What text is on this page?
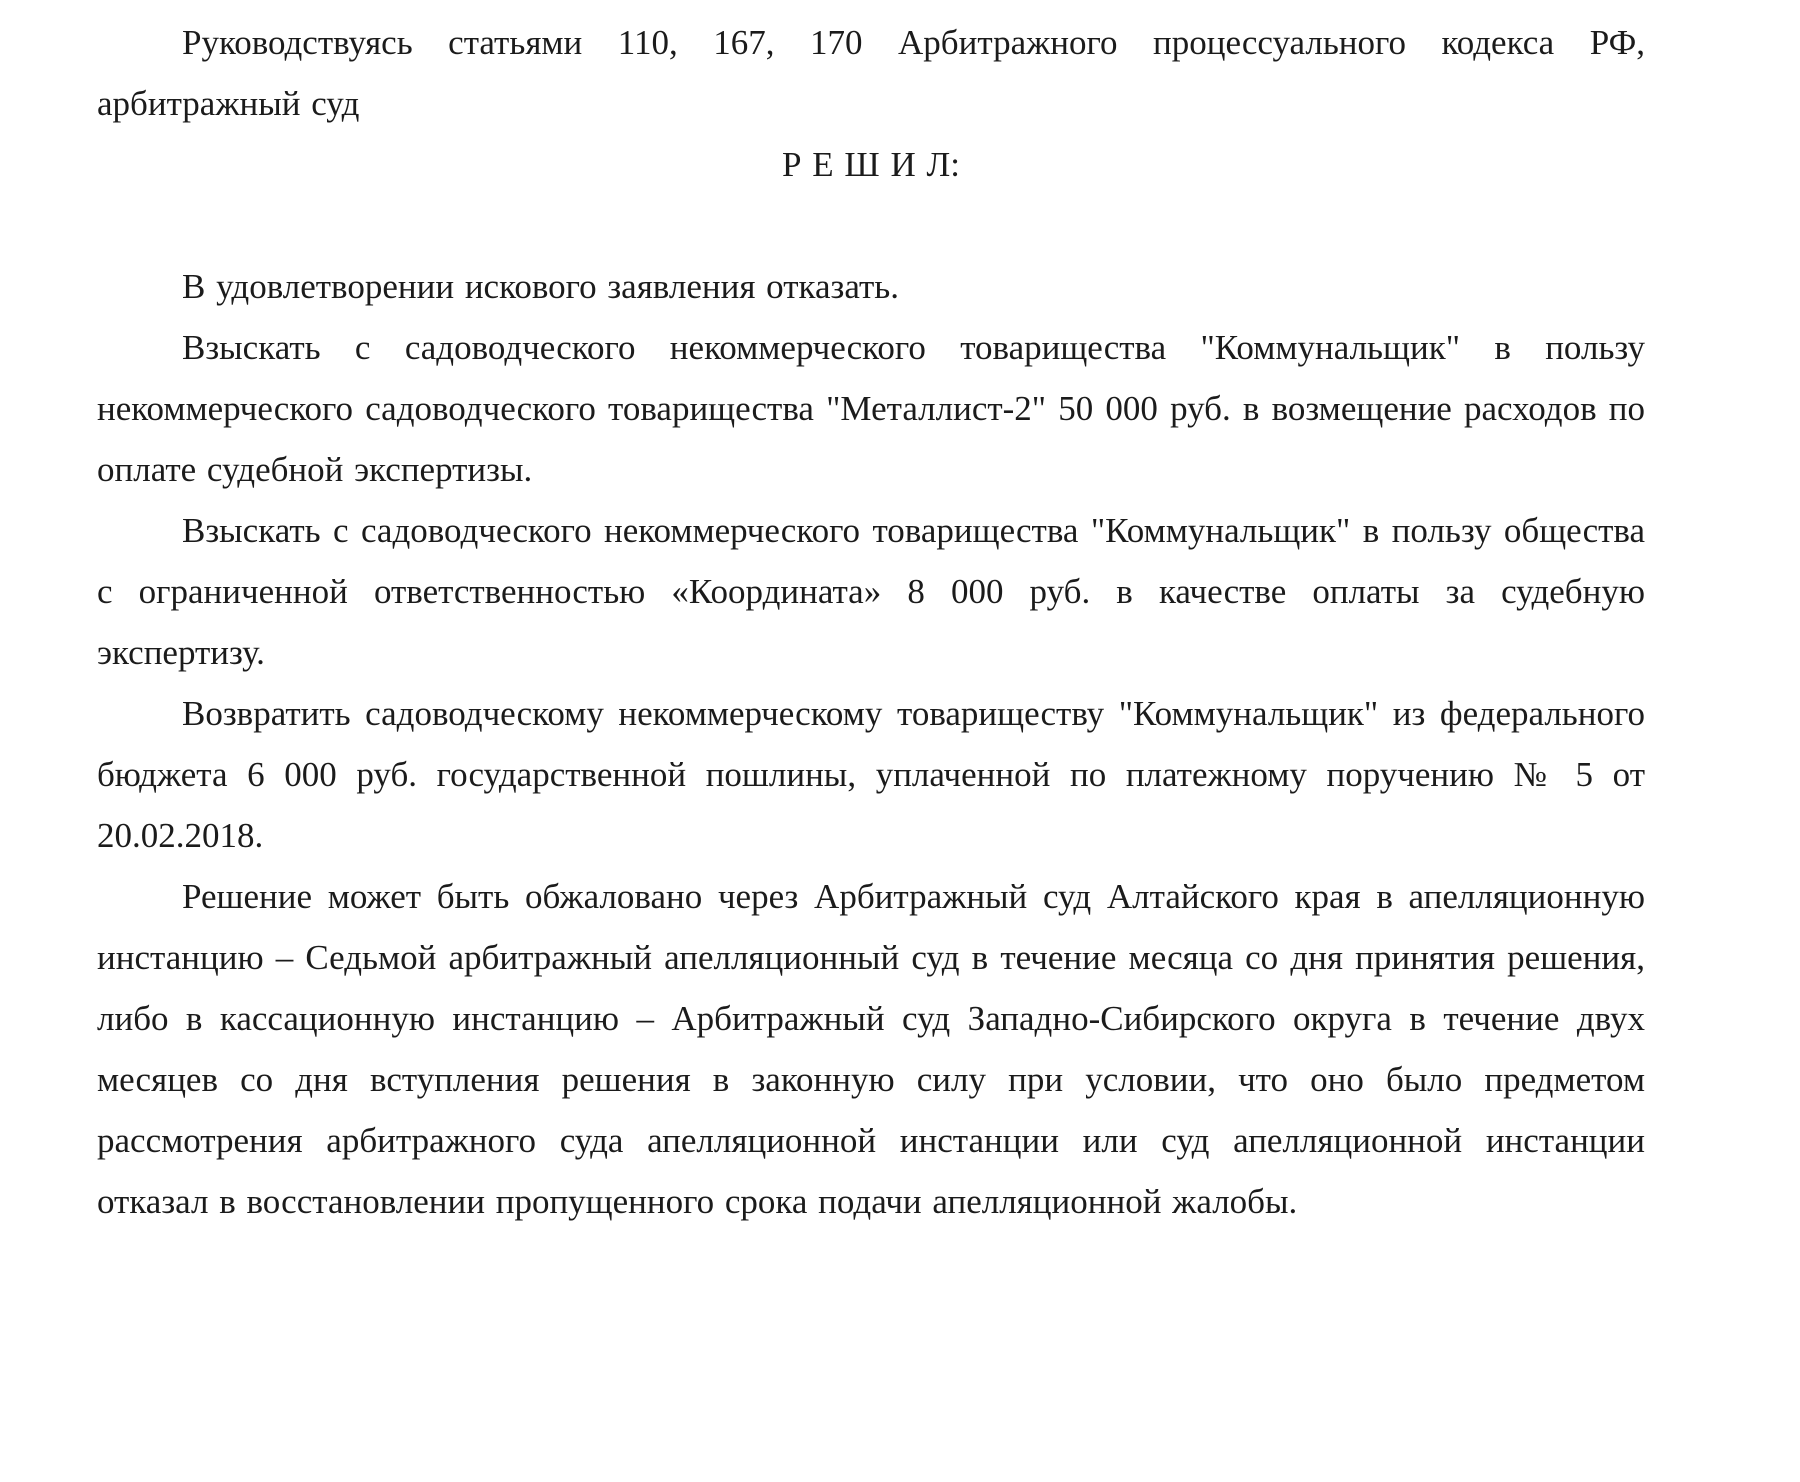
Руководствуясь статьями 110, 167, 170 Арбитражного процессуального кодекса РФ, арбитражный суд

Р Е Ш И Л:

В удовлетворении искового заявления отказать.

Взыскать с садоводческого некоммерческого товарищества "Коммунальщик" в пользу некоммерческого садоводческого товарищества "Металлист-2" 50 000 руб. в возмещение расходов по оплате судебной экспертизы.

Взыскать с садоводческого некоммерческого товарищества "Коммунальщик" в пользу общества с ограниченной ответственностью «Координата» 8 000 руб. в качестве оплаты за судебную экспертизу.

Возвратить садоводческому некоммерческому товариществу "Коммунальщик" из федерального бюджета 6 000 руб. государственной пошлины, уплаченной по платежному поручению № 5 от 20.02.2018.

Решение может быть обжаловано через Арбитражный суд Алтайского края в апелляционную инстанцию – Седьмой арбитражный апелляционный суд в течение месяца со дня принятия решения, либо в кассационную инстанцию – Арбитражный суд Западно-Сибирского округа в течение двух месяцев со дня вступления решения в законную силу при условии, что оно было предметом рассмотрения арбитражного суда апелляционной инстанции или суд апелляционной инстанции отказал в восстановлении пропущенного срока подачи апелляционной жалобы.
